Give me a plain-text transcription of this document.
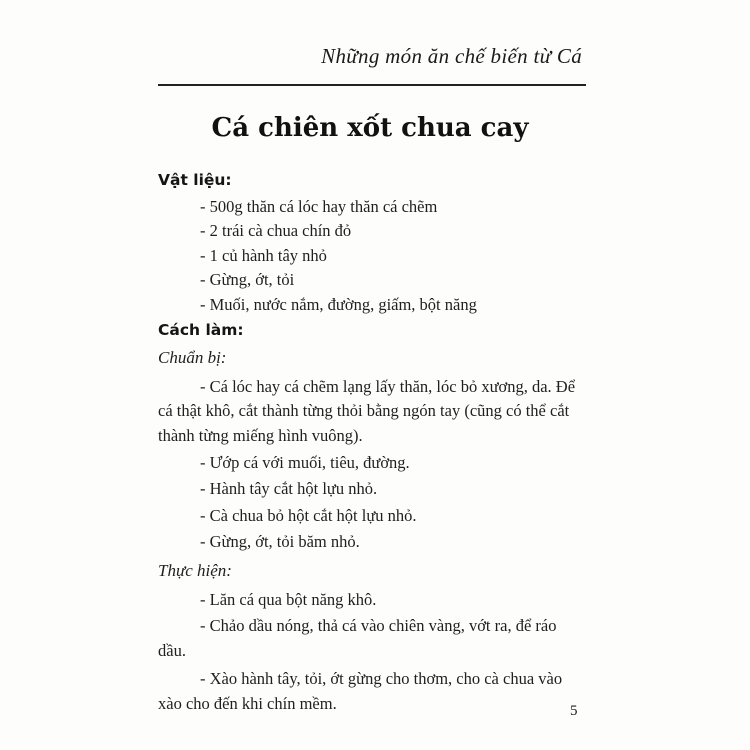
Những món ăn chế biến từ Cá
Cá chiên xốt chua cay

Vật liệu:

- 500g thăn cá lóc hay thăn cá chẽm

- 2 trái cà chua chín đỏ

- 1 củ hành tây nhỏ

- Gừng, ớt, tỏi

- Muối, nước nắm, đường, giấm, bột năng

Cách làm:

Chuẩn bị:

- Cá lóc hay cá chẽm lạng lấy thăn, lóc bỏ xương, da. Để cá thật khô, cắt thành từng thỏi bằng ngón tay (cũng có thể cắt thành từng miếng hình vuông).

- Ướp cá với muối, tiêu, đường.

- Hành tây cắt hột lựu nhỏ.

- Cà chua bỏ hột cắt hột lựu nhỏ.

- Gừng, ớt, tỏi băm nhỏ.

Thực hiện:

- Lăn cá qua bột năng khô.

- Chảo dầu nóng, thả cá vào chiên vàng, vớt ra, để ráo dầu.

- Xào hành tây, tỏi, ớt gừng cho thơm, cho cà chua vào xào cho đến khi chín mềm.	5
